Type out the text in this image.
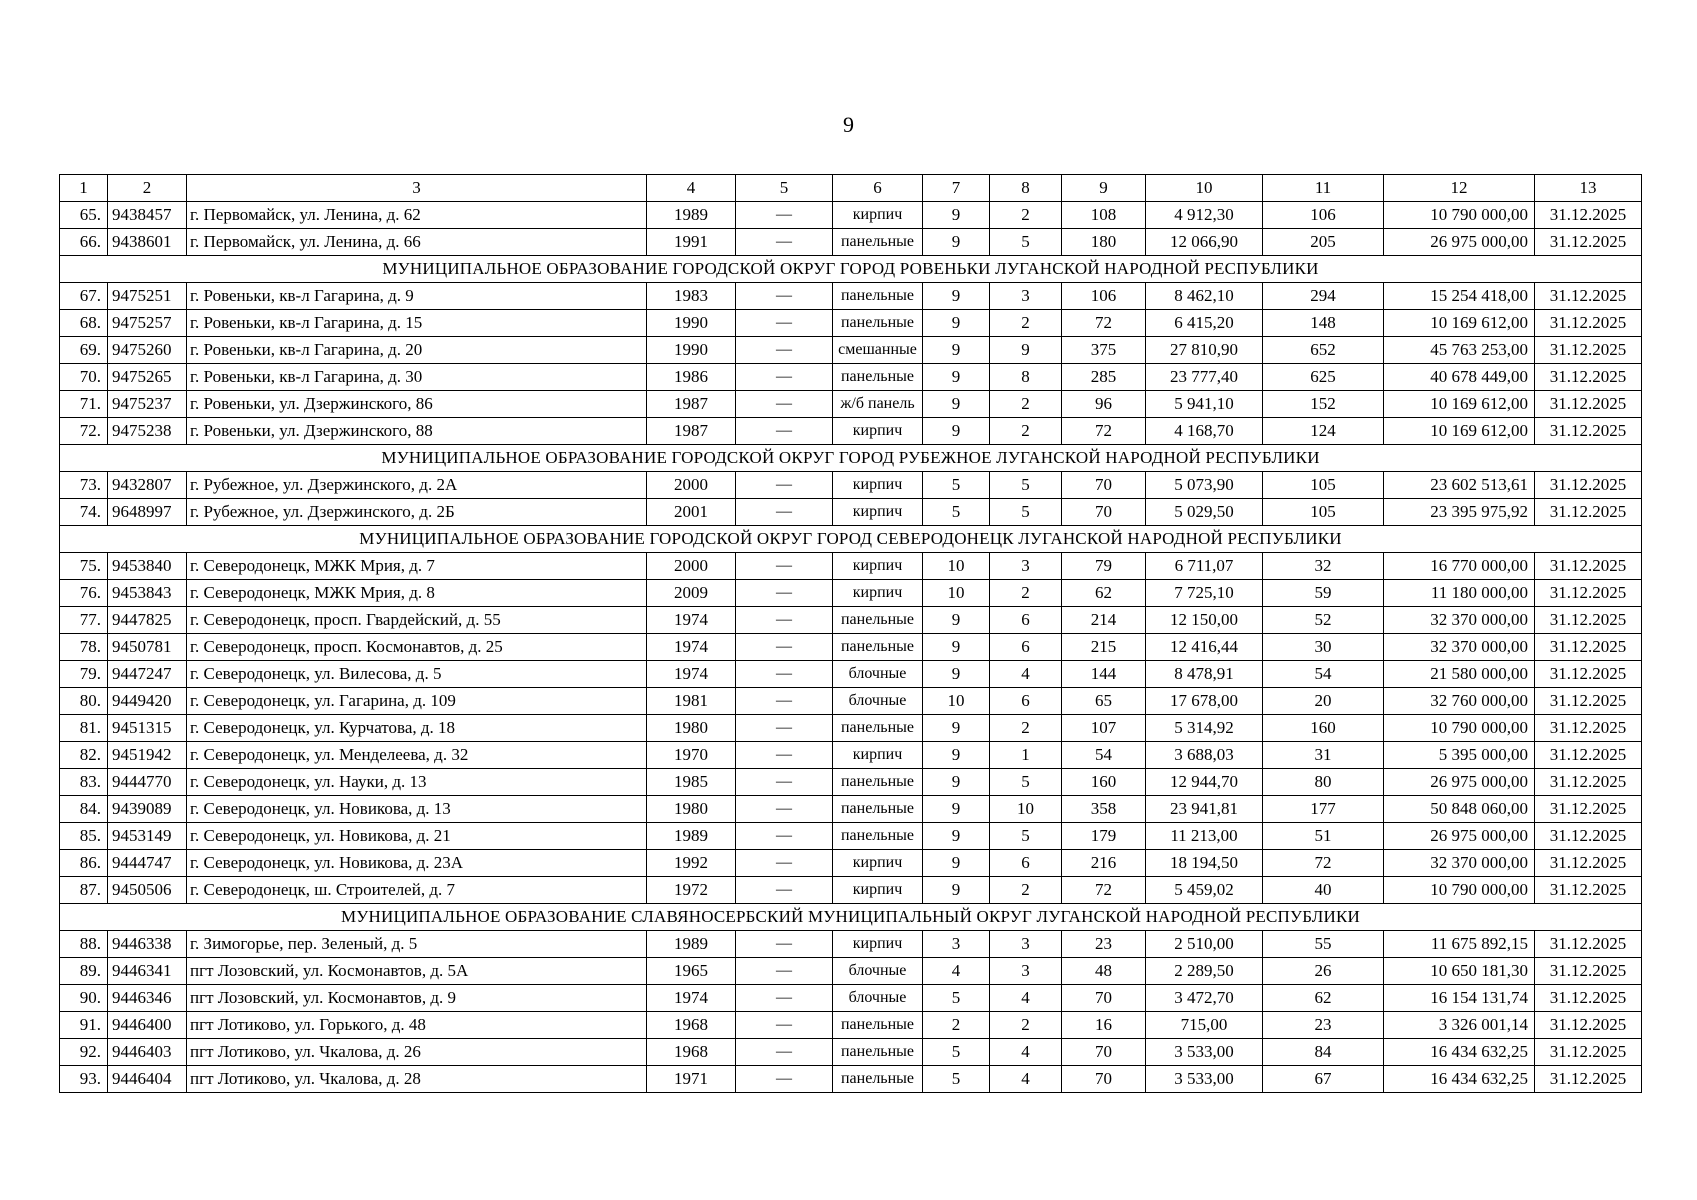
9
1	2	3	4	5	6	7	8	9	10	11	12	13
65.	9438457	г. Первомайск, ул. Ленина, д. 62	1989	—	кирпич	9	2	108	4 912,30	106	10 790 000,00	31.12.2025
66.	9438601	г. Первомайск, ул. Ленина, д. 66	1991	—	панельные	9	5	180	12 066,90	205	26 975 000,00	31.12.2025
МУНИЦИПАЛЬНОЕ ОБРАЗОВАНИЕ ГОРОДСКОЙ ОКРУГ ГОРОД РОВЕНЬКИ ЛУГАНСКОЙ НАРОДНОЙ РЕСПУБЛИКИ												
67.	9475251	г. Ровеньки, кв-л Гагарина, д. 9	1983	—	панельные	9	3	106	8 462,10	294	15 254 418,00	31.12.2025
68.	9475257	г. Ровеньки, кв-л Гагарина, д. 15	1990	—	панельные	9	2	72	6 415,20	148	10 169 612,00	31.12.2025
69.	9475260	г. Ровеньки, кв-л Гагарина, д. 20	1990	—	смешанные	9	9	375	27 810,90	652	45 763 253,00	31.12.2025
70.	9475265	г. Ровеньки, кв-л Гагарина, д. 30	1986	—	панельные	9	8	285	23 777,40	625	40 678 449,00	31.12.2025
71.	9475237	г. Ровеньки, ул. Дзержинского, 86	1987	—	ж/б панель	9	2	96	5 941,10	152	10 169 612,00	31.12.2025
72.	9475238	г. Ровеньки, ул. Дзержинского, 88	1987	—	кирпич	9	2	72	4 168,70	124	10 169 612,00	31.12.2025
МУНИЦИПАЛЬНОЕ ОБРАЗОВАНИЕ ГОРОДСКОЙ ОКРУГ ГОРОД РУБЕЖНОЕ ЛУГАНСКОЙ НАРОДНОЙ РЕСПУБЛИКИ												
73.	9432807	г. Рубежное, ул. Дзержинского, д. 2А	2000	—	кирпич	5	5	70	5 073,90	105	23 602 513,61	31.12.2025
74.	9648997	г. Рубежное, ул. Дзержинского, д. 2Б	2001	—	кирпич	5	5	70	5 029,50	105	23 395 975,92	31.12.2025
МУНИЦИПАЛЬНОЕ ОБРАЗОВАНИЕ ГОРОДСКОЙ ОКРУГ ГОРОД СЕВЕРОДОНЕЦК ЛУГАНСКОЙ НАРОДНОЙ РЕСПУБЛИКИ												
75.	9453840	г. Северодонецк, МЖК Мрия, д. 7	2000	—	кирпич	10	3	79	6 711,07	32	16 770 000,00	31.12.2025
76.	9453843	г. Северодонецк, МЖК Мрия, д. 8	2009	—	кирпич	10	2	62	7 725,10	59	11 180 000,00	31.12.2025
77.	9447825	г. Северодонецк, просп. Гвардейский, д. 55	1974	—	панельные	9	6	214	12 150,00	52	32 370 000,00	31.12.2025
78.	9450781	г. Северодонецк, просп. Космонавтов, д. 25	1974	—	панельные	9	6	215	12 416,44	30	32 370 000,00	31.12.2025
79.	9447247	г. Северодонецк, ул. Вилесова, д. 5	1974	—	блочные	9	4	144	8 478,91	54	21 580 000,00	31.12.2025
80.	9449420	г. Северодонецк, ул. Гагарина, д. 109	1981	—	блочные	10	6	65	17 678,00	20	32 760 000,00	31.12.2025
81.	9451315	г. Северодонецк, ул. Курчатова, д. 18	1980	—	панельные	9	2	107	5 314,92	160	10 790 000,00	31.12.2025
82.	9451942	г. Северодонецк, ул. Менделеева, д. 32	1970	—	кирпич	9	1	54	3 688,03	31	5 395 000,00	31.12.2025
83.	9444770	г. Северодонецк, ул. Науки, д. 13	1985	—	панельные	9	5	160	12 944,70	80	26 975 000,00	31.12.2025
84.	9439089	г. Северодонецк, ул. Новикова, д. 13	1980	—	панельные	9	10	358	23 941,81	177	50 848 060,00	31.12.2025
85.	9453149	г. Северодонецк, ул. Новикова, д. 21	1989	—	панельные	9	5	179	11 213,00	51	26 975 000,00	31.12.2025
86.	9444747	г. Северодонецк, ул. Новикова, д. 23А	1992	—	кирпич	9	6	216	18 194,50	72	32 370 000,00	31.12.2025
87.	9450506	г. Северодонецк, ш. Строителей, д. 7	1972	—	кирпич	9	2	72	5 459,02	40	10 790 000,00	31.12.2025
МУНИЦИПАЛЬНОЕ ОБРАЗОВАНИЕ СЛАВЯНОСЕРБСКИЙ МУНИЦИПАЛЬНЫЙ ОКРУГ ЛУГАНСКОЙ НАРОДНОЙ РЕСПУБЛИКИ												
88.	9446338	г. Зимогорье, пер. Зеленый, д. 5	1989	—	кирпич	3	3	23	2 510,00	55	11 675 892,15	31.12.2025
89.	9446341	пгт Лозовский, ул. Космонавтов, д. 5А	1965	—	блочные	4	3	48	2 289,50	26	10 650 181,30	31.12.2025
90.	9446346	пгт Лозовский, ул. Космонавтов, д. 9	1974	—	блочные	5	4	70	3 472,70	62	16 154 131,74	31.12.2025
91.	9446400	пгт Лотиково, ул. Горького, д. 48	1968	—	панельные	2	2	16	715,00	23	3 326 001,14	31.12.2025
92.	9446403	пгт Лотиково, ул. Чкалова, д. 26	1968	—	панельные	5	4	70	3 533,00	84	16 434 632,25	31.12.2025
93.	9446404	пгт Лотиково, ул. Чкалова, д. 28	1971	—	панельные	5	4	70	3 533,00	67	16 434 632,25	31.12.2025
